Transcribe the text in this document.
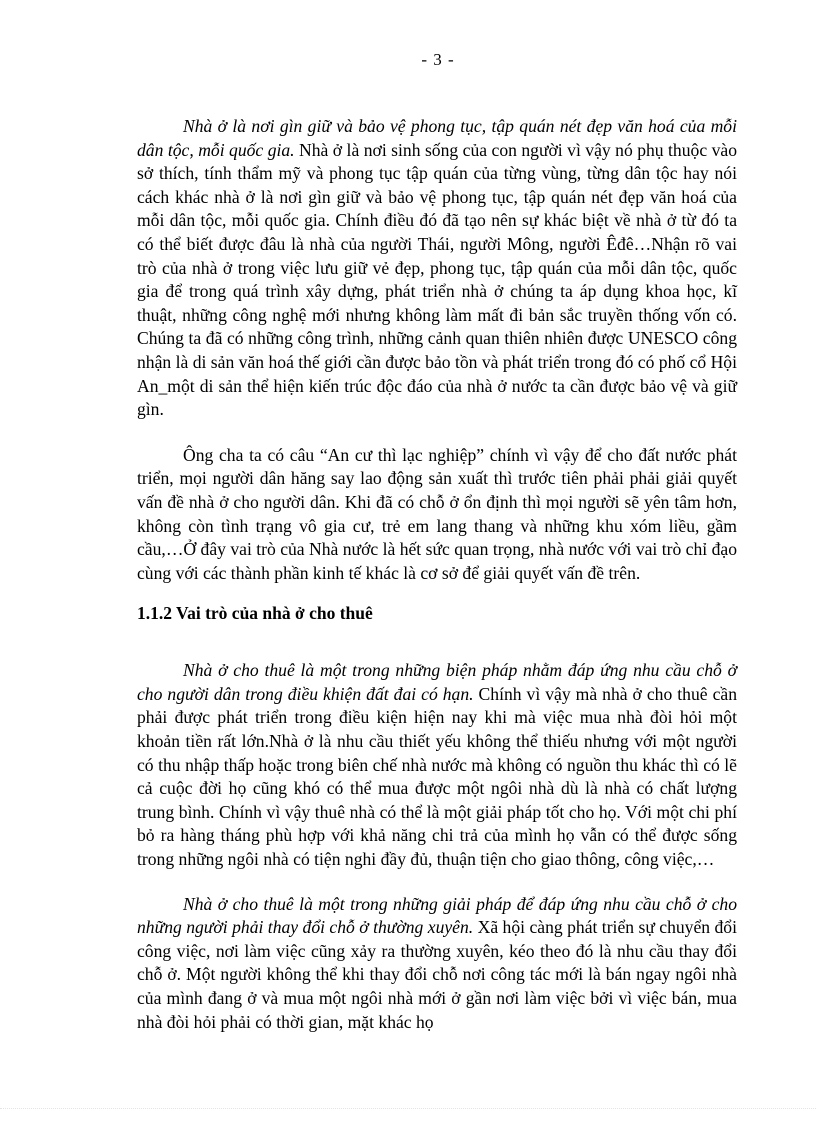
- 3 -

Nhà ở là nơi gìn giữ và bảo vệ phong tục, tập quán nét đẹp văn hoá của mỗi dân tộc, mỗi quốc gia. Nhà ở là nơi sinh sống của con người vì vậy nó phụ thuộc vào sở thích, tính thẩm mỹ và phong tục tập quán của từng vùng, từng dân tộc hay nói cách khác nhà ở là nơi gìn giữ và bảo vệ phong tục, tập quán nét đẹp văn hoá của mỗi dân tộc, mỗi quốc gia. Chính điều đó đã tạo nên sự khác biệt về nhà ở từ đó ta có thể biết được đâu là nhà của người Thái, người Mông, người Êđê…Nhận rõ vai trò của nhà ở trong việc lưu giữ vẻ đẹp, phong tục, tập quán của mỗi dân tộc, quốc gia để trong quá trình xây dựng, phát triển nhà ở chúng ta áp dụng khoa học, kĩ thuật, những công nghệ mới nhưng không làm mất đi bản sắc truyền thống vốn có. Chúng ta đã có những công trình, những cảnh quan thiên nhiên được UNESCO công nhận là di sản văn hoá thế giới cần được bảo tồn và phát triển trong đó có phố cổ Hội An_một di sản thể hiện kiến trúc độc đáo của nhà ở nước ta cần được bảo vệ và giữ gìn.

Ông cha ta có câu “An cư thì lạc nghiệp” chính vì vậy để cho đất nước phát triển, mọi người dân hăng say lao động sản xuất thì trước tiên phải phải giải quyết vấn đề nhà ở cho người dân. Khi đã có chỗ ở ổn định thì mọi người sẽ yên tâm hơn, không còn tình trạng vô gia cư, trẻ em lang thang và những khu xóm liều, gầm cầu,…Ở đây vai trò của Nhà nước là hết sức quan trọng, nhà nước với vai trò chỉ đạo cùng với các thành phần kinh tế khác là cơ sở để giải quyết vấn đề trên.

1.1.2 Vai trò của nhà ở cho thuê

Nhà ở cho thuê là một trong những biện pháp nhằm đáp ứng nhu cầu chỗ ở cho người dân trong điều khiện đất đai có hạn. Chính vì vậy mà nhà ở cho thuê cần phải được phát triển trong điều kiện hiện nay khi mà việc mua nhà đòi hỏi một khoản tiền rất lớn.Nhà ở là nhu cầu thiết yếu không thể thiếu nhưng với một người có thu nhập thấp hoặc trong biên chế nhà nước mà không có nguồn thu khác thì có lẽ cả cuộc đời họ cũng khó có thể mua được một ngôi nhà dù là nhà có chất lượng trung bình. Chính vì vậy thuê nhà có thể là một giải pháp tốt cho họ. Với một chi phí bỏ ra hàng tháng phù hợp với khả năng chi trả của mình họ vẫn có thể được sống trong những ngôi nhà có tiện nghi đầy đủ, thuận tiện cho giao thông, công việc,…

Nhà ở cho thuê là một trong những giải pháp để đáp ứng nhu cầu chỗ ở cho những người phải thay đổi chỗ ở thường xuyên. Xã hội càng phát triển sự chuyển đổi công việc, nơi làm việc cũng xảy ra thường xuyên, kéo theo đó là nhu cầu thay đổi chỗ ở. Một người không thể khi thay đổi chỗ nơi công tác mới là bán ngay ngôi nhà của mình đang ở và mua một ngôi nhà mới ở gần nơi làm việc bởi vì việc bán, mua nhà đòi hỏi phải có thời gian, mặt khác họ
